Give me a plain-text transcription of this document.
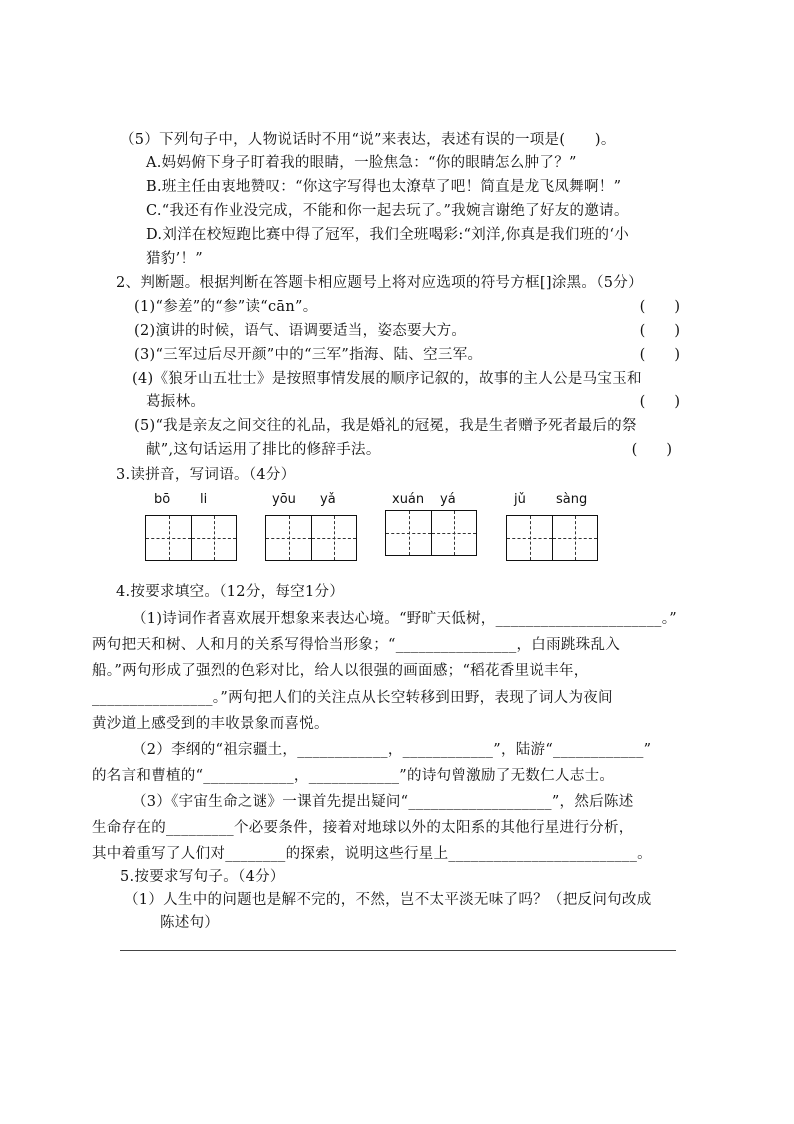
（5）下列句子中，人物说话时不用“说”来表达，表述有误的一项是(　　)。
A.妈妈俯下身子盯着我的眼睛，一脸焦急：“你的眼睛怎么肿了？”
B.班主任由衷地赞叹：“你这字写得也太潦草了吧！简直是龙飞凤舞啊！”
C.“我还有作业没完成，不能和你一起去玩了。”我婉言谢绝了好友的邀请。
D.刘洋在校短跑比赛中得了冠军，我们全班喝彩:“刘洋,你真是我们班的‘小
猎豹’！”
2、判断题。根据判断在答题卡相应题号上将对应选项的符号方框[]涂黑。（5分）
(1)“参差”的“参”读“cān”。	(　　)
(2)演讲的时候，语气、语调要适当，姿态要大方。	(　　)
(3)“三军过后尽开颜”中的“三军”指海、陆、空三军。	(　　)
(4)《狼牙山五壮士》是按照事情发展的顺序记叙的，故事的主人公是马宝玉和
葛振林。	(　　)
(5)“我是亲友之间交往的礼品，我是婚礼的冠冕，我是生者赠予死者最后的祭
献”,这句话运用了排比的修辞手法。	(　　)
3.读拼音，写词语。（4分）
bō li	yōu yǎ	xuán yá	jǔ sàng
4.按要求填空。（12分，每空1分）
（1)诗词作者喜欢展开想象来表达心境。“野旷天低树，______________________。”
两句把天和树、人和月的关系写得恰当形象；“________________，白雨跳珠乱入
船。”两句形成了强烈的色彩对比，给人以很强的画面感；“稻花香里说丰年，
________________。”两句把人们的关注点从长空转移到田野，表现了词人为夜间
黄沙道上感受到的丰收景象而喜悦。
（2）李纲的“祖宗疆土，____________，____________”，陆游“____________”
的名言和曹植的“____________，____________”的诗句曾激励了无数仁人志士。
（3）《宇宙生命之谜》一课首先提出疑问“___________________”，然后陈述
生命存在的_________个必要条件，接着对地球以外的太阳系的其他行星进行分析，
其中着重写了人们对________的探索，说明这些行星上_________________________。
5.按要求写句子。（4分）
（1）人生中的问题也是解不完的，不然，岂不太平淡无味了吗？（把反问句改成
陈述句）
